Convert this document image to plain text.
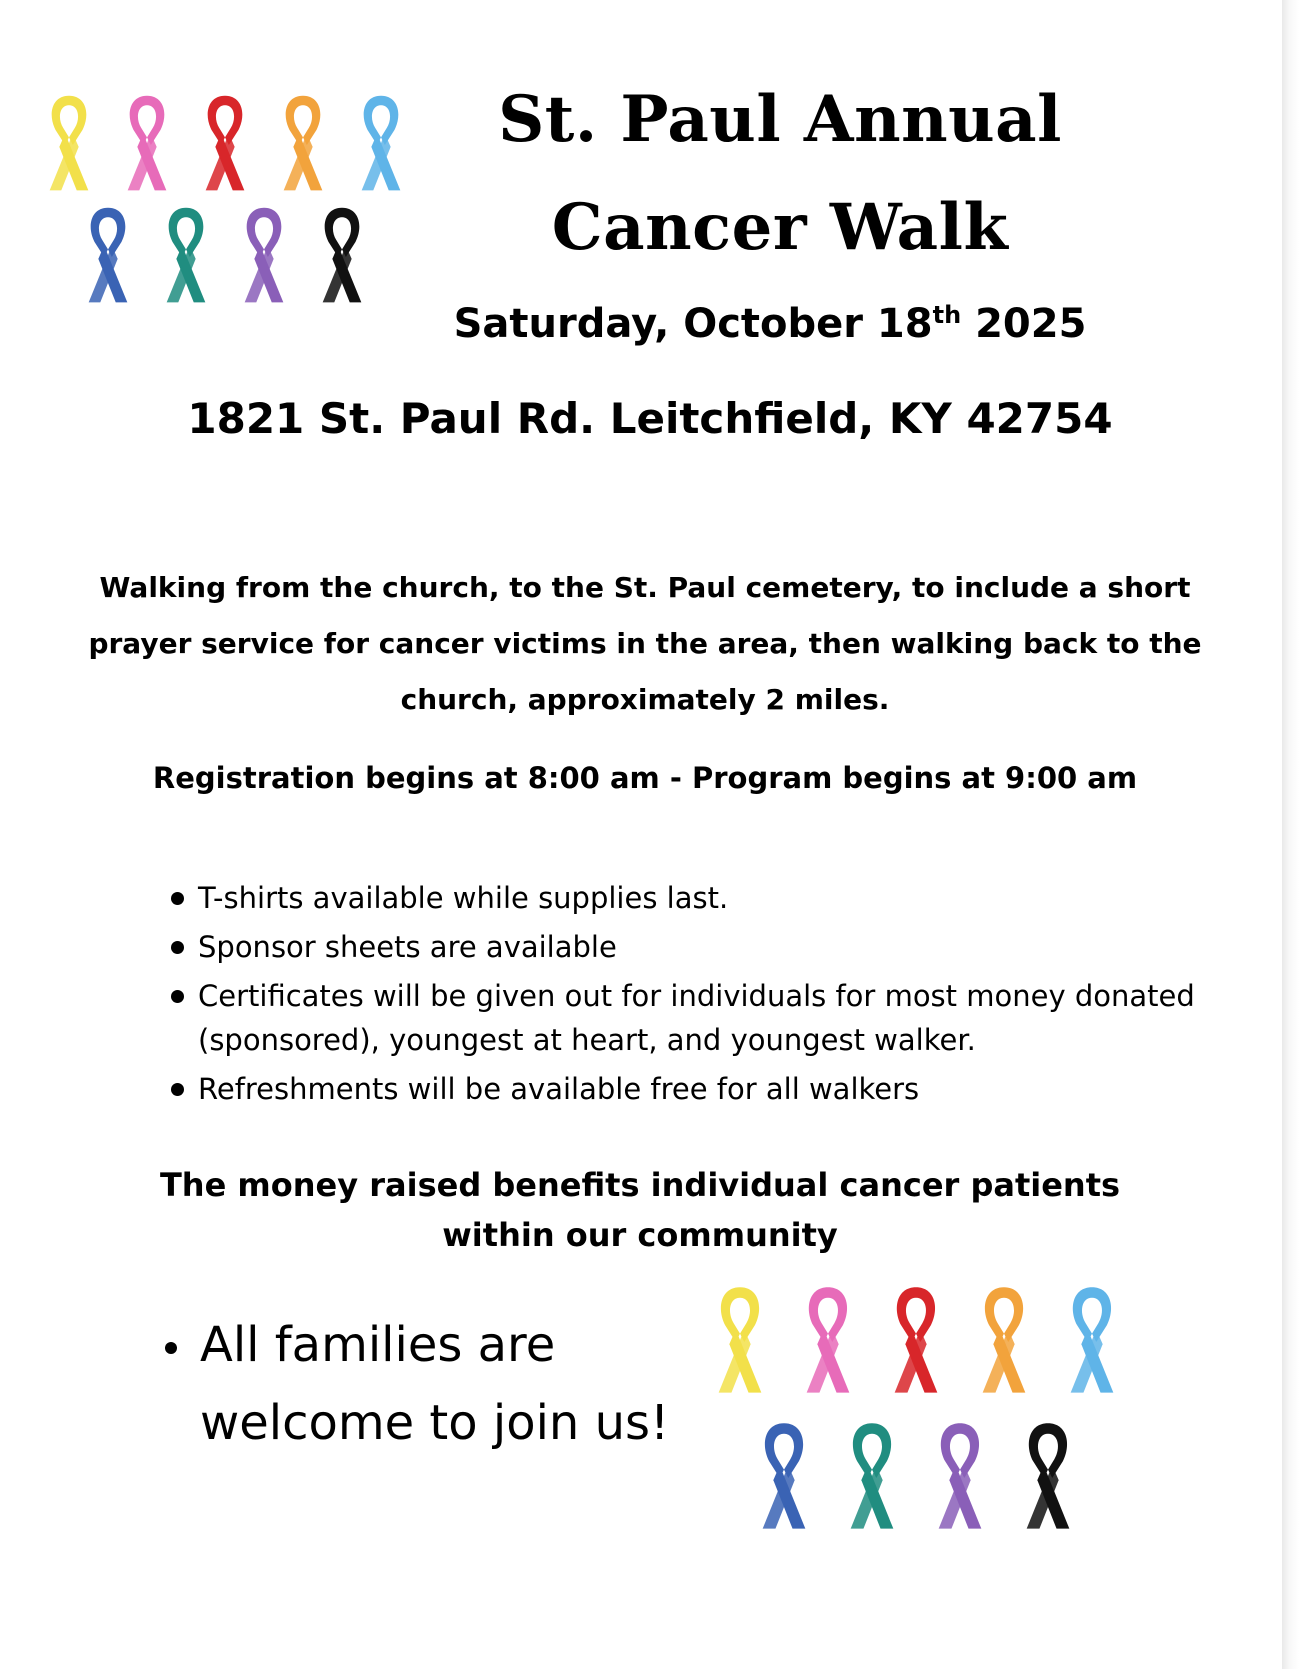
St. Paul Annual
Cancer Walk
Saturday, October 18th 2025
1821 St. Paul Rd. Leitchfield, KY 42754
Walking from the church, to the St. Paul cemetery, to include a short prayer service for cancer victims in the area, then walking back to the church, approximately 2 miles.
Registration begins at 8:00 am - Program begins at 9:00 am
T-shirts available while supplies last.
Sponsor sheets are available
Certificates will be given out for individuals for most money donated (sponsored), youngest at heart, and youngest walker.
Refreshments will be available free for all walkers
The money raised benefits individual cancer patients
within our community
All families are
welcome to join us!
